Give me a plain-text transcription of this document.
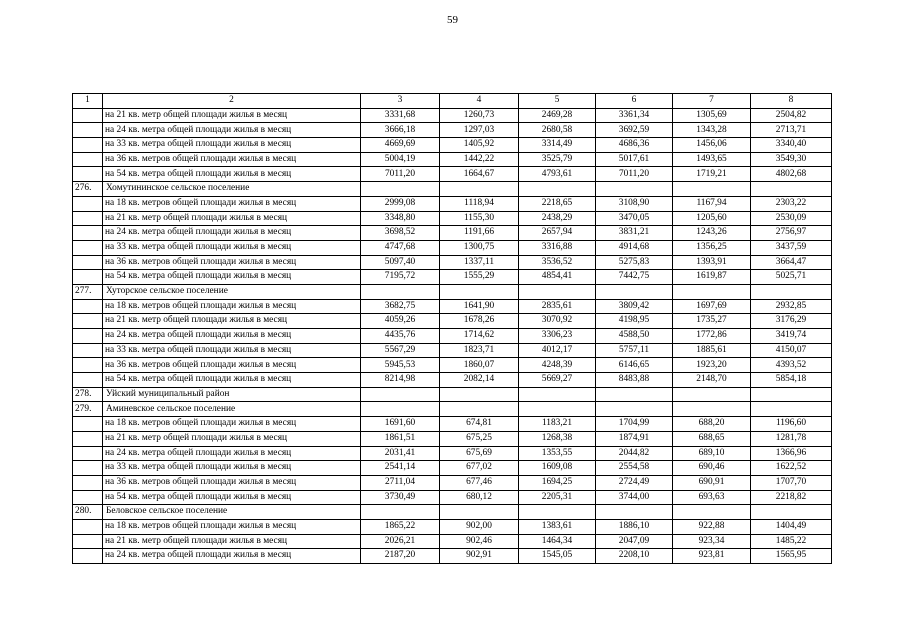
59
1	2	3	4	5	6	7	8
	на 21 кв. метр общей площади жилья в месяц	3331,68	1260,73	2469,28	3361,34	1305,69	2504,82
	на 24 кв. метра общей площади жилья в месяц	3666,18	1297,03	2680,58	3692,59	1343,28	2713,71
	на 33 кв. метра общей площади жилья в месяц	4669,69	1405,92	3314,49	4686,36	1456,06	3340,40
	на 36 кв. метров общей площади жилья в месяц	5004,19	1442,22	3525,79	5017,61	1493,65	3549,30
	на 54 кв. метра общей площади жилья в месяц	7011,20	1664,67	4793,61	7011,20	1719,21	4802,68
276.	Хомутининское сельское поселение						
	на 18 кв. метров общей площади жилья в месяц	2999,08	1118,94	2218,65	3108,90	1167,94	2303,22
	на 21 кв. метр общей площади жилья в месяц	3348,80	1155,30	2438,29	3470,05	1205,60	2530,09
	на 24 кв. метра общей площади жилья в месяц	3698,52	1191,66	2657,94	3831,21	1243,26	2756,97
	на 33 кв. метра общей площади жилья в месяц	4747,68	1300,75	3316,88	4914,68	1356,25	3437,59
	на 36 кв. метров общей площади жилья в месяц	5097,40	1337,11	3536,52	5275,83	1393,91	3664,47
	на 54 кв. метра общей площади жилья в месяц	7195,72	1555,29	4854,41	7442,75	1619,87	5025,71
277.	Хуторское сельское поселение						
	на 18 кв. метров общей площади жилья в месяц	3682,75	1641,90	2835,61	3809,42	1697,69	2932,85
	на 21 кв. метр общей площади жилья в месяц	4059,26	1678,26	3070,92	4198,95	1735,27	3176,29
	на 24 кв. метра общей площади жилья в месяц	4435,76	1714,62	3306,23	4588,50	1772,86	3419,74
	на 33 кв. метра общей площади жилья в месяц	5567,29	1823,71	4012,17	5757,11	1885,61	4150,07
	на 36 кв. метров общей площади жилья в месяц	5945,53	1860,07	4248,39	6146,65	1923,20	4393,52
	на 54 кв. метра общей площади жилья в месяц	8214,98	2082,14	5669,27	8483,88	2148,70	5854,18
278.	Уйский муниципальный район						
279.	Аминевское сельское поселение						
	на 18 кв. метров общей площади жилья в месяц	1691,60	674,81	1183,21	1704,99	688,20	1196,60
	на 21 кв. метр общей площади жилья в месяц	1861,51	675,25	1268,38	1874,91	688,65	1281,78
	на 24 кв. метра общей площади жилья в месяц	2031,41	675,69	1353,55	2044,82	689,10	1366,96
	на 33 кв. метра общей площади жилья в месяц	2541,14	677,02	1609,08	2554,58	690,46	1622,52
	на 36 кв. метров общей площади жилья в месяц	2711,04	677,46	1694,25	2724,49	690,91	1707,70
	на 54 кв. метра общей площади жилья в месяц	3730,49	680,12	2205,31	3744,00	693,63	2218,82
280.	Беловское сельское поселение						
	на 18 кв. метров общей площади жилья в месяц	1865,22	902,00	1383,61	1886,10	922,88	1404,49
	на 21 кв. метр общей площади жилья в месяц	2026,21	902,46	1464,34	2047,09	923,34	1485,22
	на 24 кв. метра общей площади жилья в месяц	2187,20	902,91	1545,05	2208,10	923,81	1565,95
